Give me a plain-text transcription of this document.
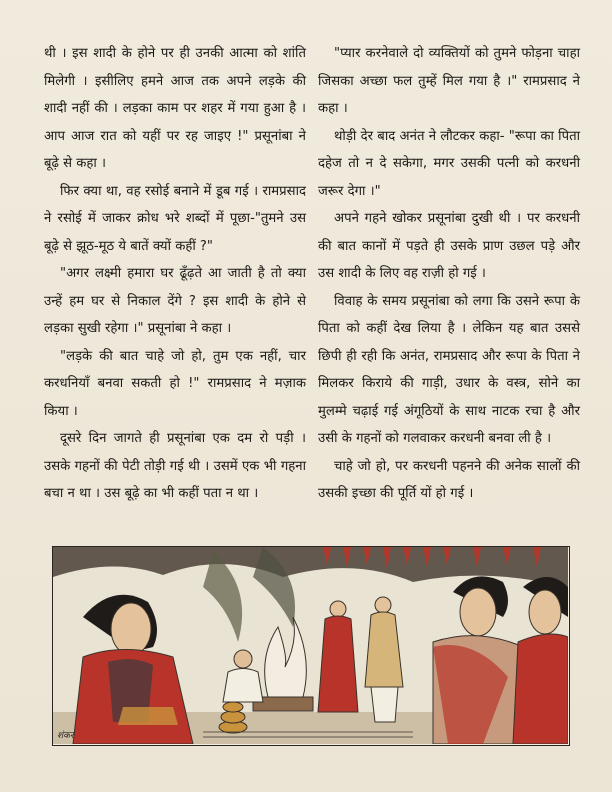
थी । इस शादी के होने पर ही उनकी आत्मा को शांति मिलेगी । इसीलिए हमने आज तक अपने लड़के की शादी नहीं की । लड़का काम पर शहर में गया हुआ है । आप आज रात को यहीं पर रह जाइए !" प्रसूनांबा ने बूढ़े से कहा ।

फिर क्या था, वह रसोई बनाने में डूब गई । रामप्रसाद ने रसोई में जाकर क्रोध भरे शब्दों में पूछा-"तुमने उस बूढ़े से झूठ-मूठ ये बातें क्यों कहीं ?"

"अगर लक्ष्मी हमारा घर ढूँढ़ते आ जाती है तो क्या उन्हें हम घर से निकाल देंगे ? इस शादी के होने से लड़का सुखी रहेगा ।" प्रसूनांबा ने कहा ।

"लड़के की बात चाहे जो हो, तुम एक नहीं, चार करधनियाँ बनवा सकती हो !" रामप्रसाद ने मज़ाक किया ।

दूसरे दिन जागते ही प्रसूनांबा एक दम रो पड़ी । उसके गहनों की पेटी तोड़ी गई थी । उसमें एक भी गहना बचा न था । उस बूढ़े का भी कहीं पता न था ।

"प्यार करनेवाले दो व्यक्तियों को तुमने फोड़ना चाहा जिसका अच्छा फल तुम्हें मिल गया है ।" रामप्रसाद ने कहा ।

थोड़ी देर बाद अनंत ने लौटकर कहा- "रूपा का पिता दहेज तो न दे सकेगा, मगर उसकी पत्नी को करधनी जरूर देगा ।"

अपने गहने खोकर प्रसूनांबा दुखी थी । पर करधनी की बात कानों में पड़ते ही उसके प्राण उछल पड़े और उस शादी के लिए वह राज़ी हो गई ।

विवाह के समय प्रसूनांबा को लगा कि उसने रूपा के पिता को कहीं देख लिया है । लेकिन यह बात उससे छिपी ही रही कि अनंत, रामप्रसाद और रूपा के पिता ने मिलकर किराये की गाड़ी, उधार के वस्त्र, सोने का मुलम्मे चढ़ाई गई अंगूठियों के साथ नाटक रचा है और उसी के गहनों को गलवाकर करधनी बनवा ली है ।

चाहे जो हो, पर करधनी पहनने की अनेक सालों की उसकी इच्छा की पूर्ति यों हो गई ।

शंकर
